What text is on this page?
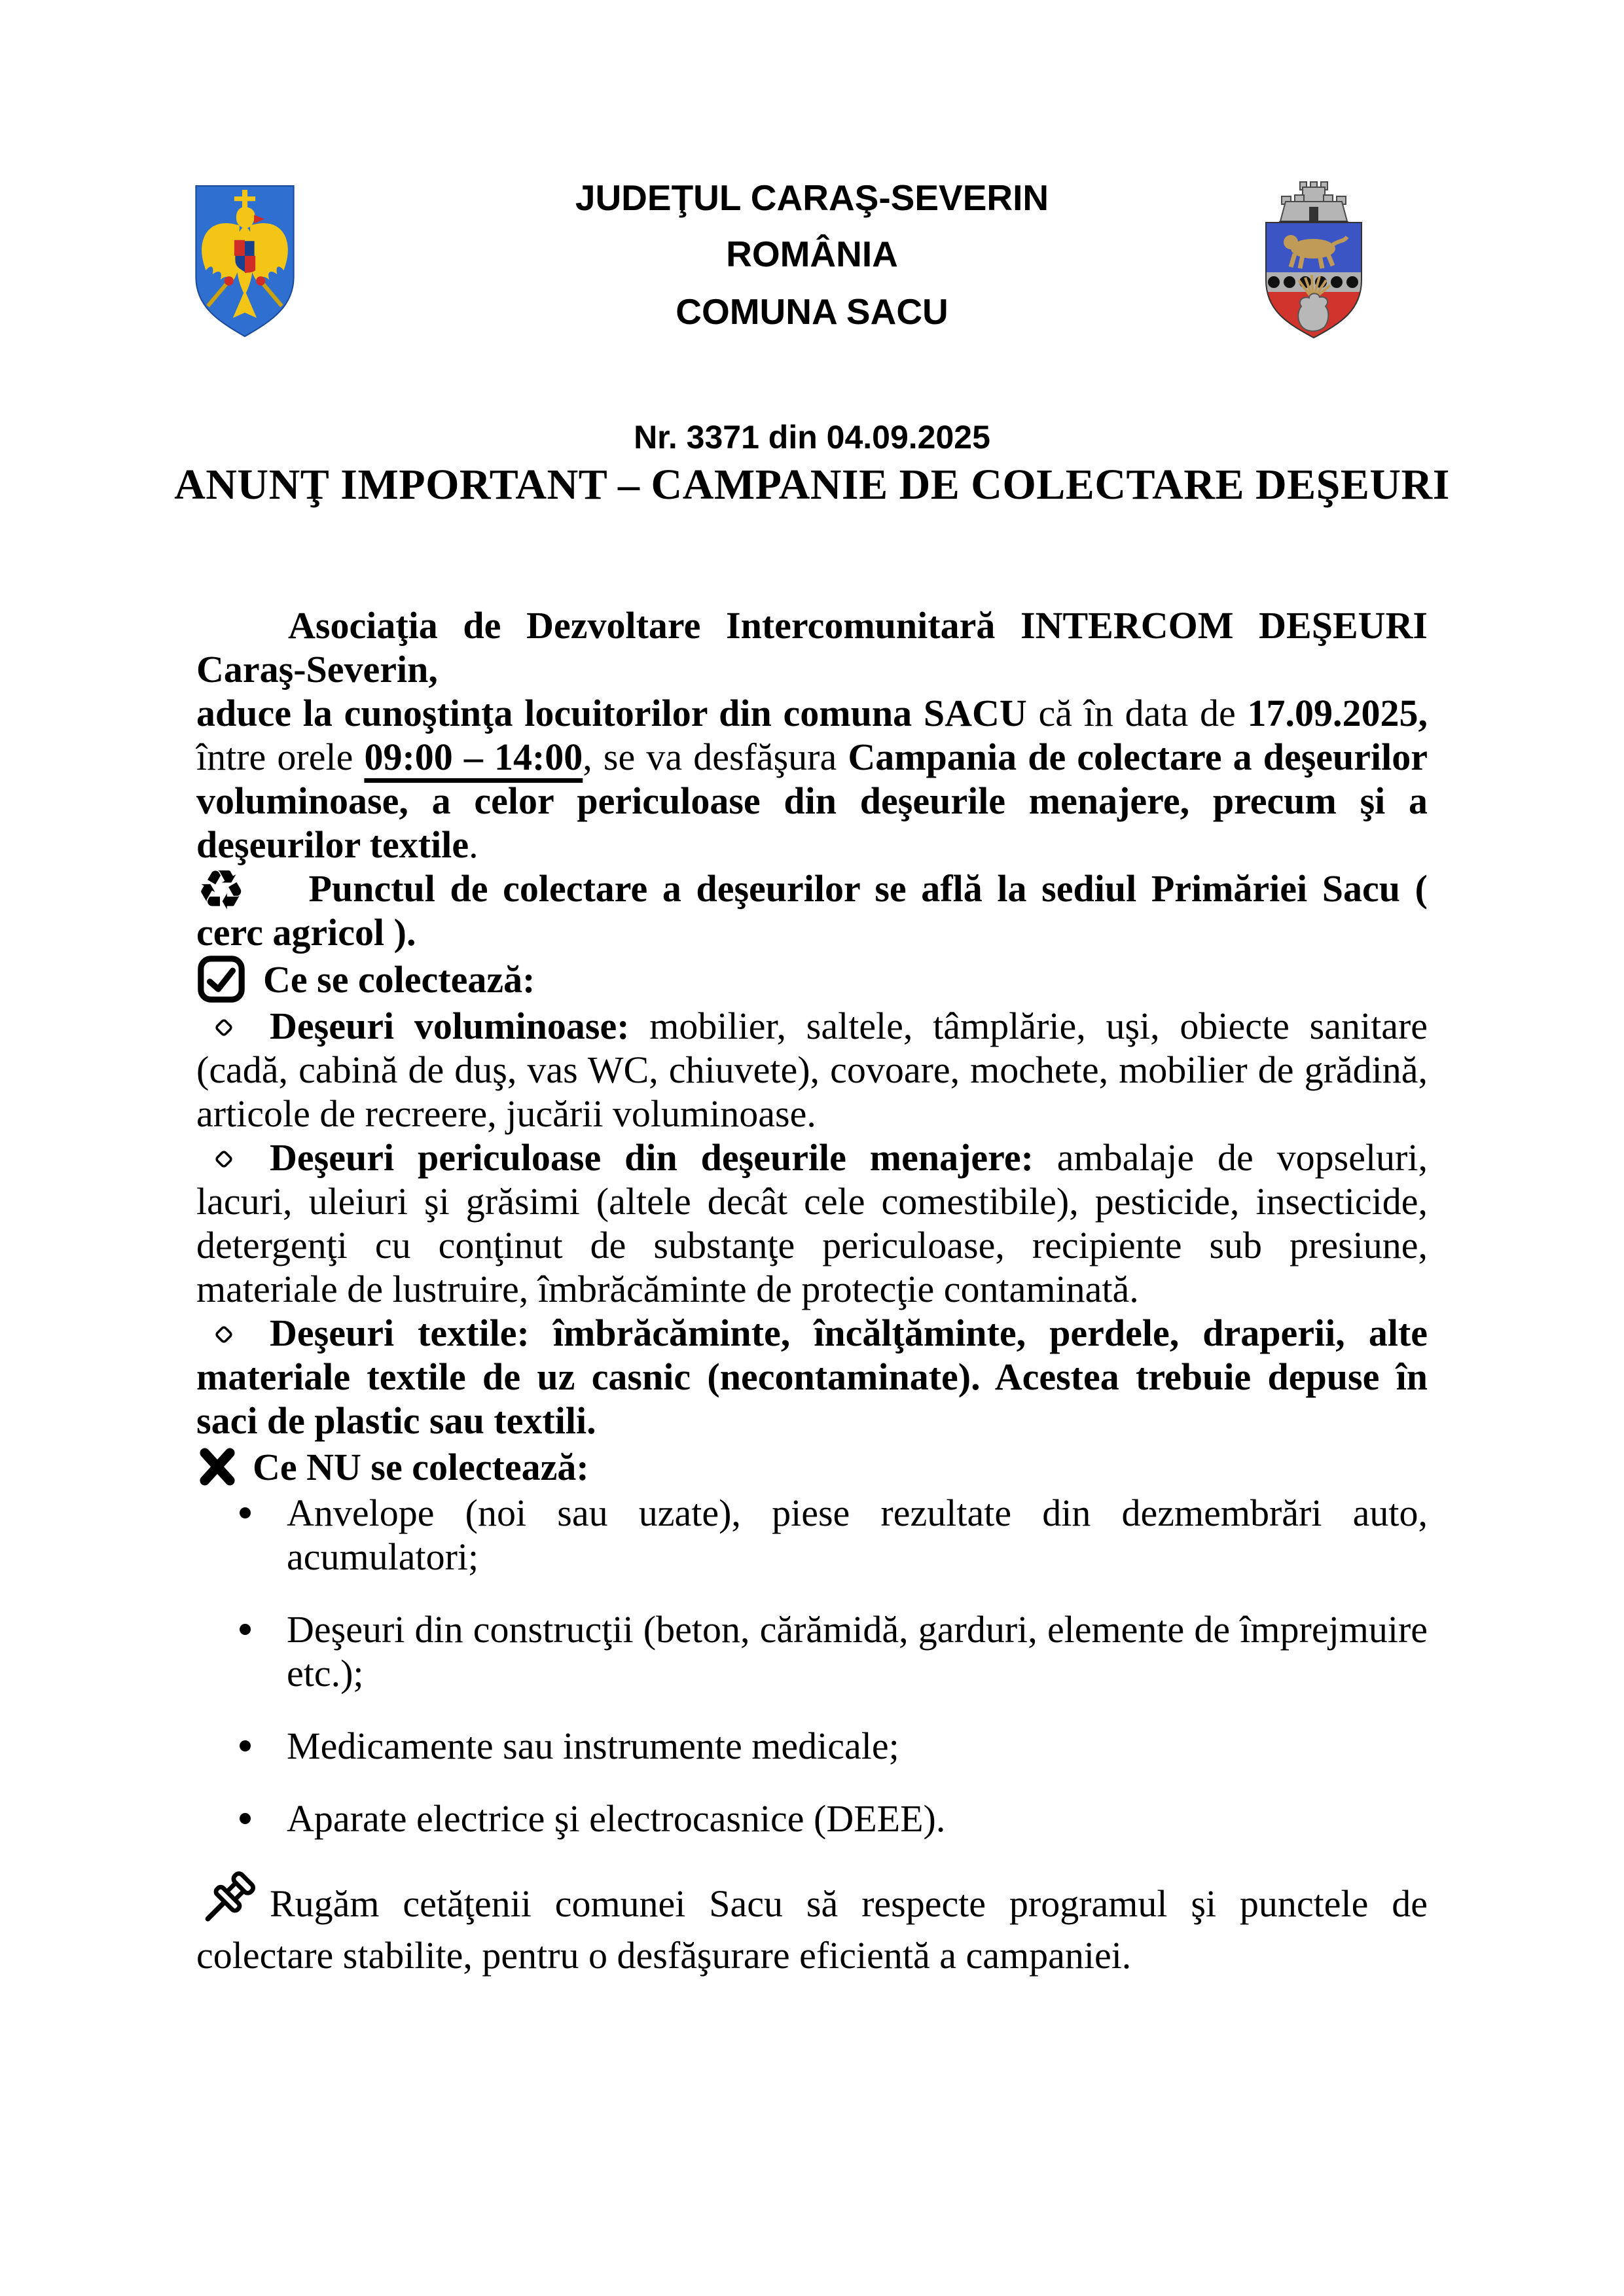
JUDEŢUL CARAŞ-SEVERIN
ROMÂNIA
COMUNA SACU
Nr. 3371 din 04.09.2025
ANUNŢ IMPORTANT – CAMPANIE DE COLECTARE DEŞEURI

Asociaţia de Dezvoltare Intercomunitară INTERCOM DEŞEURI Caraş-Severin,
aduce la cunoştinţa locuitorilor din comuna SACU că în data de 17.09.2025, între orele 09:00 – 14:00, se va desfăşura Campania de colectare a deşeurilor voluminoase, a celor periculoase din deşeurile menajere, precum şi a deşeurilor textile.

♻ Punctul de colectare a deşeurilor se află la sediul Primăriei Sacu ( cerc agricol ).

Ce se colectează:

Deşeuri voluminoase: mobilier, saltele, tâmplărie, uşi, obiecte sanitare (cadă, cabină de duş, vas WC, chiuvete), covoare, mochete, mobilier de grădină, articole de recreere, jucării voluminoase.

Deşeuri periculoase din deşeurile menajere: ambalaje de vopseluri, lacuri, uleiuri şi grăsimi (altele decât cele comestibile), pesticide, insecticide, detergenţi cu conţinut de substanţe periculoase, recipiente sub presiune, materiale de lustruire, îmbrăcăminte de protecţie contaminată.

Deşeuri textile: îmbrăcăminte, încălţăminte, perdele, draperii, alte materiale textile de uz casnic (necontaminate). Acestea trebuie depuse în saci de plastic sau textili.

Ce NU se colectează:

Anvelope (noi sau uzate), piese rezultate din dezmembrări auto, acumulatori;
Deşeuri din construcţii (beton, cărămidă, garduri, elemente de împrejmuire etc.);
Medicamente sau instrumente medicale;
Aparate electrice şi electrocasnice (DEEE).

Rugăm cetăţenii comunei Sacu să respecte programul şi punctele de colectare stabilite, pentru o desfăşurare eficientă a campaniei.
